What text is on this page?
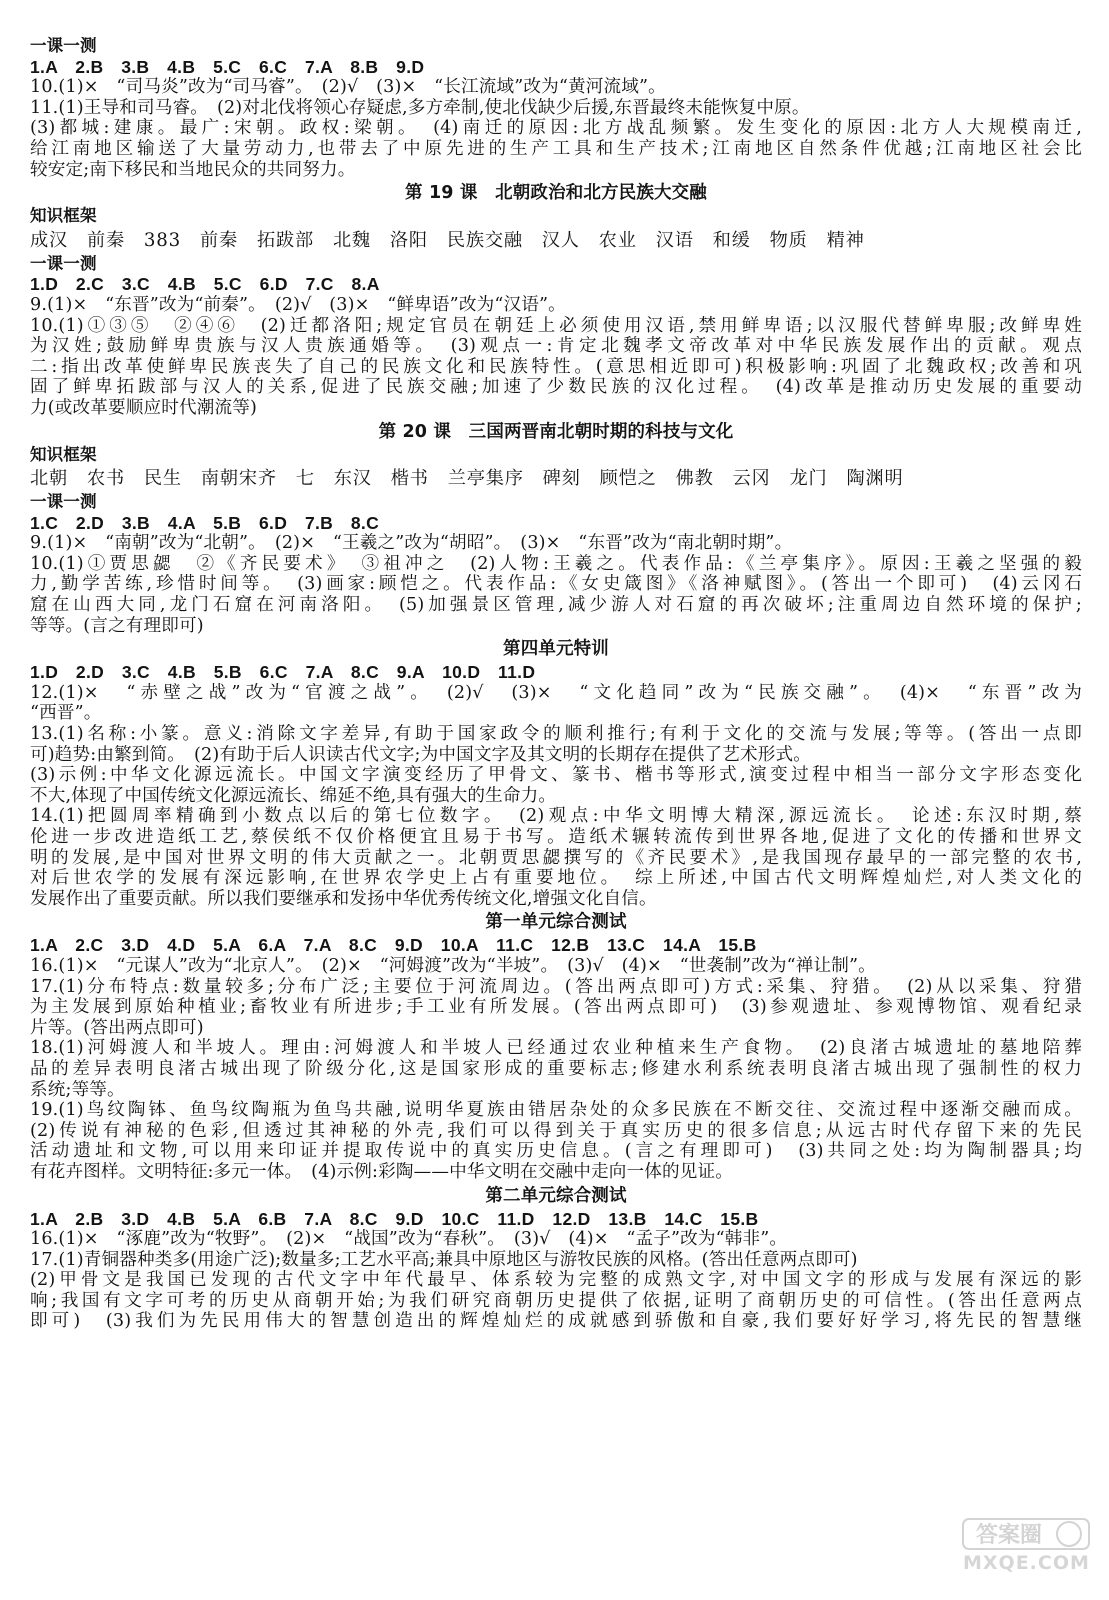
一课一测
1.A　2.B　3.B　4.B　5.C　6.C　7.A　8.B　9.D
10.(1)×　“司马炎”改为“司马睿”。　(2)√　(3)×　“长江流域”改为“黄河流域”。
11.(1)王导和司马睿。　(2)对北伐将领心存疑虑,多方牵制,使北伐缺少后援,东晋最终未能恢复中原。
(3)都城:建康。最广:宋朝。政权:梁朝。　(4)南迁的原因:北方战乱频繁。发生变化的原因:北方人大规模南迁,
给江南地区输送了大量劳动力,也带去了中原先进的生产工具和生产技术;江南地区自然条件优越;江南地区社会比
较安定;南下移民和当地民众的共同努力。
第 19 课　北朝政治和北方民族大交融
知识框架
成汉　前秦　383　前秦　拓跋部　北魏　洛阳　民族交融　汉人　农业　汉语　和缓　物质　精神
一课一测
1.D　2.C　3.C　4.B　5.C　6.D　7.C　8.A
9.(1)×　“东晋”改为“前秦”。　(2)√　(3)×　“鲜卑语”改为“汉语”。
10.(1)①③⑤　②④⑥　(2)迁都洛阳;规定官员在朝廷上必须使用汉语,禁用鲜卑语;以汉服代替鲜卑服;改鲜卑姓
为汉姓;鼓励鲜卑贵族与汉人贵族通婚等。　(3)观点一:肯定北魏孝文帝改革对中华民族发展作出的贡献。观点
二:指出改革使鲜卑民族丧失了自己的民族文化和民族特性。(意思相近即可)积极影响:巩固了北魏政权;改善和巩
固了鲜卑拓跋部与汉人的关系,促进了民族交融;加速了少数民族的汉化过程。　(4)改革是推动历史发展的重要动
力(或改革要顺应时代潮流等)
第 20 课　三国两晋南北朝时期的科技与文化
知识框架
北朝　农书　民生　南朝宋齐　七　东汉　楷书　兰亭集序　碑刻　顾恺之　佛教　云冈　龙门　陶渊明
一课一测
1.C　2.D　3.B　4.A　5.B　6.D　7.B　8.C
9.(1)×　“南朝”改为“北朝”。　(2)×　“王羲之”改为“胡昭”。　(3)×　“东晋”改为“南北朝时期”。
10.(1)①贾思勰　②《齐民要术》　③祖冲之　(2)人物:王羲之。代表作品:《兰亭集序》。原因:王羲之坚强的毅
力,勤学苦练,珍惜时间等。　(3)画家:顾恺之。代表作品:《女史箴图》《洛神赋图》。(答出一个即可)　(4)云冈石
窟在山西大同,龙门石窟在河南洛阳。　(5)加强景区管理,减少游人对石窟的再次破坏;注重周边自然环境的保护;
等等。(言之有理即可)
第四单元特训
1.D　2.D　3.C　4.B　5.B　6.C　7.A　8.C　9.A　10.D　11.D
12.(1)×　“赤壁之战”改为“官渡之战”。　(2)√　(3)×　“文化趋同”改为“民族交融”。　(4)×　“东晋”改为
“西晋”。
13.(1)名称:小篆。意义:消除文字差异,有助于国家政令的顺利推行;有利于文化的交流与发展;等等。(答出一点即
可)趋势:由繁到简。　(2)有助于后人识读古代文字;为中国文字及其文明的长期存在提供了艺术形式。
(3)示例:中华文化源远流长。中国文字演变经历了甲骨文、篆书、楷书等形式,演变过程中相当一部分文字形态变化
不大,体现了中国传统文化源远流长、绵延不绝,具有强大的生命力。
14.(1)把圆周率精确到小数点以后的第七位数字。　(2)观点:中华文明博大精深,源远流长。　论述:东汉时期,蔡
伦进一步改进造纸工艺,蔡侯纸不仅价格便宜且易于书写。造纸术辗转流传到世界各地,促进了文化的传播和世界文
明的发展,是中国对世界文明的伟大贡献之一。北朝贾思勰撰写的《齐民要术》,是我国现存最早的一部完整的农书,
对后世农学的发展有深远影响,在世界农学史上占有重要地位。　综上所述,中国古代文明辉煌灿烂,对人类文化的
发展作出了重要贡献。所以我们要继承和发扬中华优秀传统文化,增强文化自信。
第一单元综合测试
1.A　2.C　3.D　4.D　5.A　6.A　7.A　8.C　9.D　10.A　11.C　12.B　13.C　14.A　15.B
16.(1)×　“元谋人”改为“北京人”。　(2)×　“河姆渡”改为“半坡”。　(3)√　(4)×　“世袭制”改为“禅让制”。
17.(1)分布特点:数量较多;分布广泛;主要位于河流周边。(答出两点即可)方式:采集、狩猎。　(2)从以采集、狩猎
为主发展到原始种植业;畜牧业有所进步;手工业有所发展。(答出两点即可)　(3)参观遗址、参观博物馆、观看纪录
片等。(答出两点即可)
18.(1)河姆渡人和半坡人。理由:河姆渡人和半坡人已经通过农业种植来生产食物。　(2)良渚古城遗址的墓地陪葬
品的差异表明良渚古城出现了阶级分化,这是国家形成的重要标志;修建水利系统表明良渚古城出现了强制性的权力
系统;等等。
19.(1)鸟纹陶钵、鱼鸟纹陶瓶为鱼鸟共融,说明华夏族由错居杂处的众多民族在不断交往、交流过程中逐渐交融而成。
(2)传说有神秘的色彩,但透过其神秘的外壳,我们可以得到关于真实历史的很多信息;从远古时代存留下来的先民
活动遗址和文物,可以用来印证并提取传说中的真实历史信息。(言之有理即可)　(3)共同之处:均为陶制器具;均
有花卉图样。文明特征:多元一体。　(4)示例:彩陶——中华文明在交融中走向一体的见证。
第二单元综合测试
1.A　2.B　3.D　4.B　5.A　6.B　7.A　8.C　9.D　10.C　11.D　12.D　13.B　14.C　15.B
16.(1)×　“涿鹿”改为“牧野”。　(2)×　“战国”改为“春秋”。　(3)√　(4)×　“孟子”改为“韩非”。
17.(1)青铜器种类多(用途广泛);数量多;工艺水平高;兼具中原地区与游牧民族的风格。(答出任意两点即可)
(2)甲骨文是我国已发现的古代文字中年代最早、体系较为完整的成熟文字,对中国文字的形成与发展有深远的影
响;我国有文字可考的历史从商朝开始;为我们研究商朝历史提供了依据,证明了商朝历史的可信性。(答出任意两点
即可)　(3)我们为先民用伟大的智慧创造出的辉煌灿烂的成就感到骄傲和自豪,我们要好好学习,将先民的智慧继
答案圈
MXQE.COM
